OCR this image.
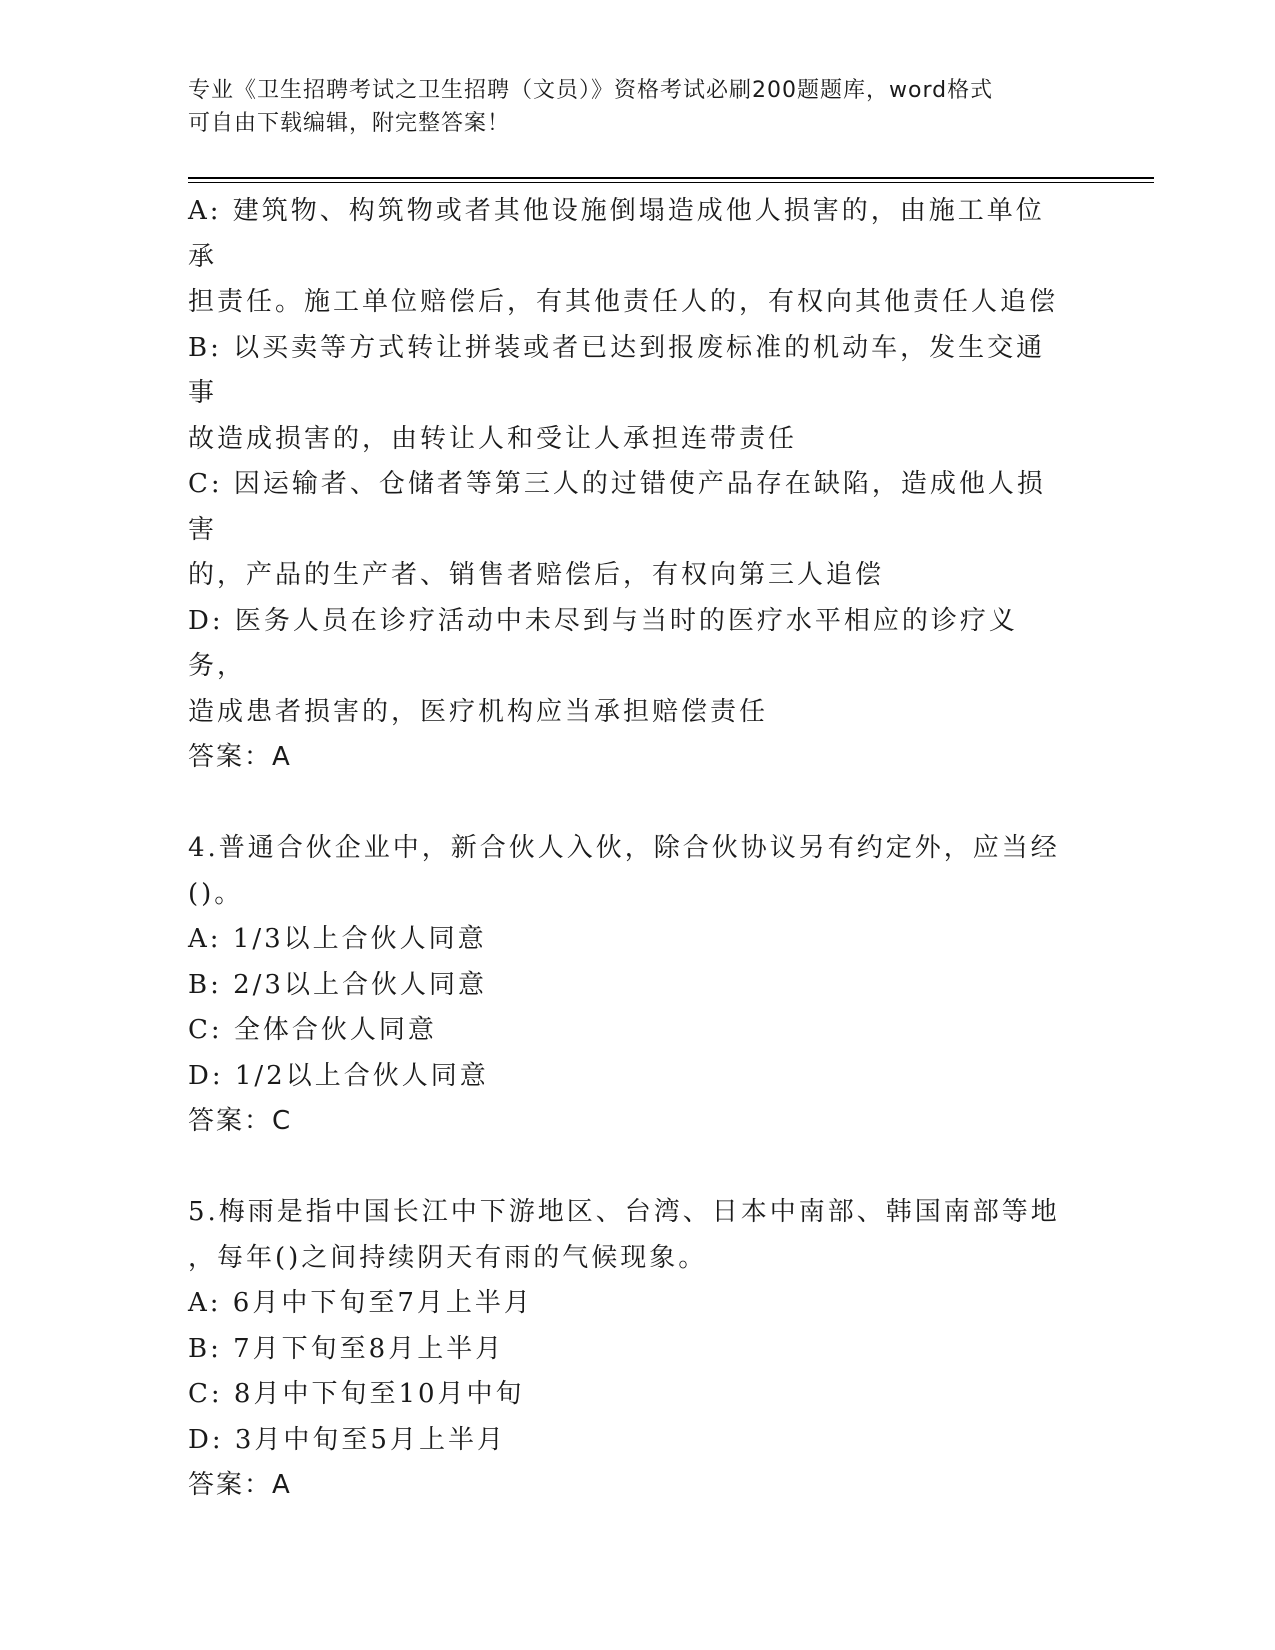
专业《卫生招聘考试之卫生招聘（文员）》资格考试必刷200题题库，word格式
可自由下载编辑，附完整答案！

A: 建筑物、构筑物或者其他设施倒塌造成他人损害的，由施工单位承

担责任。施工单位赔偿后，有其他责任人的，有权向其他责任人追偿

B: 以买卖等方式转让拼装或者已达到报废标准的机动车，发生交通事

故造成损害的，由转让人和受让人承担连带责任

C: 因运输者、仓储者等第三人的过错使产品存在缺陷，造成他人损害

的，产品的生产者、销售者赔偿后，有权向第三人追偿

D: 医务人员在诊疗活动中未尽到与当时的医疗水平相应的诊疗义务，

造成患者损害的，医疗机构应当承担赔偿责任

答案：A

4.普通合伙企业中，新合伙人入伙，除合伙协议另有约定外，应当经

()。

A: 1/3以上合伙人同意

B: 2/3以上合伙人同意

C: 全体合伙人同意

D: 1/2以上合伙人同意

答案：C

5.梅雨是指中国长江中下游地区、台湾、日本中南部、韩国南部等地

，每年()之间持续阴天有雨的气候现象。

A: 6月中下旬至7月上半月

B: 7月下旬至8月上半月

C: 8月中下旬至10月中旬

D: 3月中旬至5月上半月

答案：A
